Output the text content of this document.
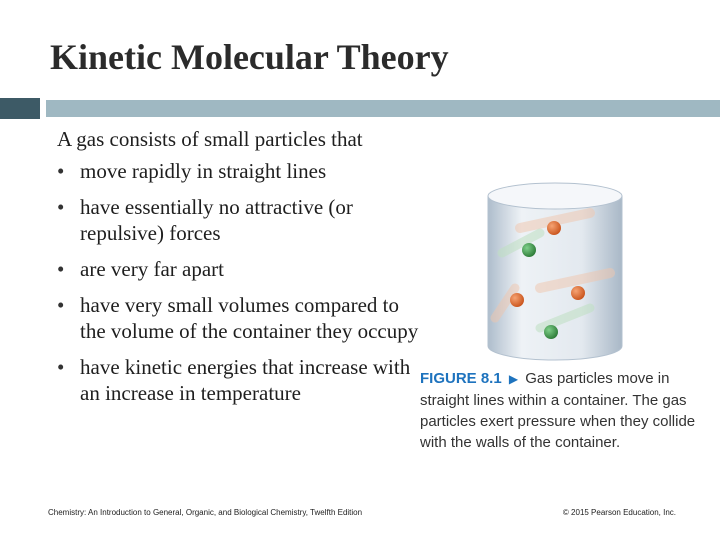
Kinetic Molecular Theory

A gas consists of small particles that

• move rapidly in straight lines
• have essentially no attractive (or repulsive) forces
• are very far apart
• have very small volumes compared to the volume of the container they occupy
• have kinetic energies that increase with an increase in temperature
FIGURE 8.1 ▶ Gas particles move in straight lines within a container. The gas particles exert pressure when they collide with the walls of the container.
Chemistry: An Introduction to General, Organic, and Biological Chemistry, Twelfth Edition	© 2015 Pearson Education, Inc.
